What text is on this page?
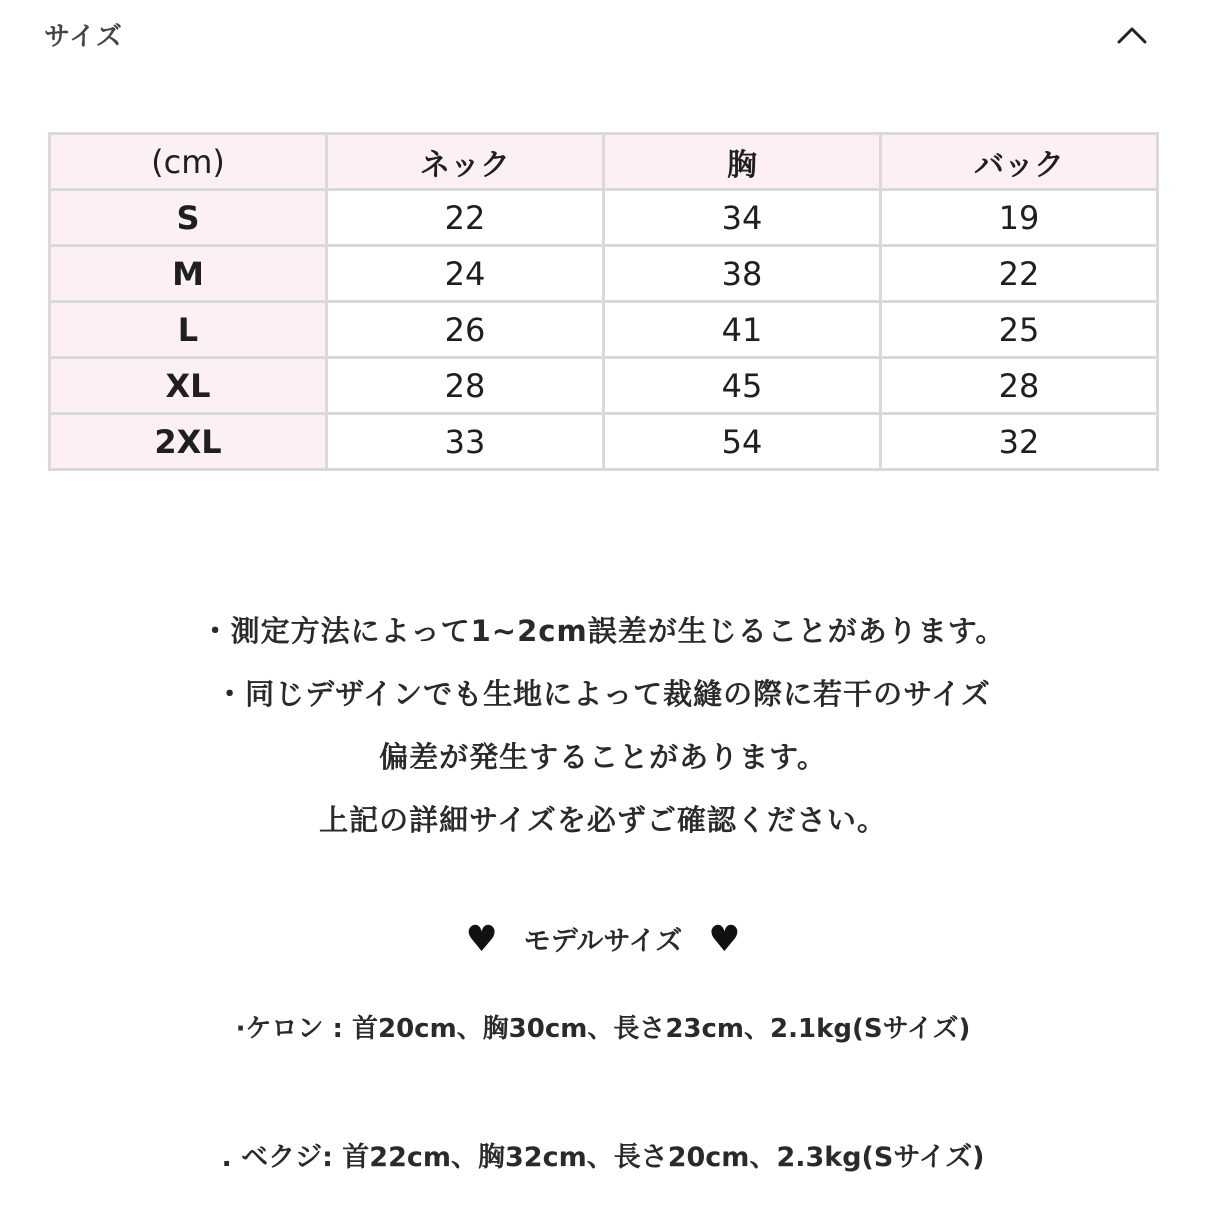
サイズ
(cm)	ネック	胸	バック
S	22	34	19
M	24	38	22
L	26	41	25
XL	28	45	28
2XL	33	54	32
・測定方法によって1~2cm誤差が生じることがあります。
・同じデザインでも生地によって裁縫の際に若干のサイズ
偏差が発生することがあります。
上記の詳細サイズを必ずご確認ください。
♥ モデルサイズ ♥
·ケロン : 首20cm、胸30cm、長さ23cm、2.1kg(Sサイズ)
. ベクジ: 首22cm、胸32cm、長さ20cm、2.3kg(Sサイズ)
